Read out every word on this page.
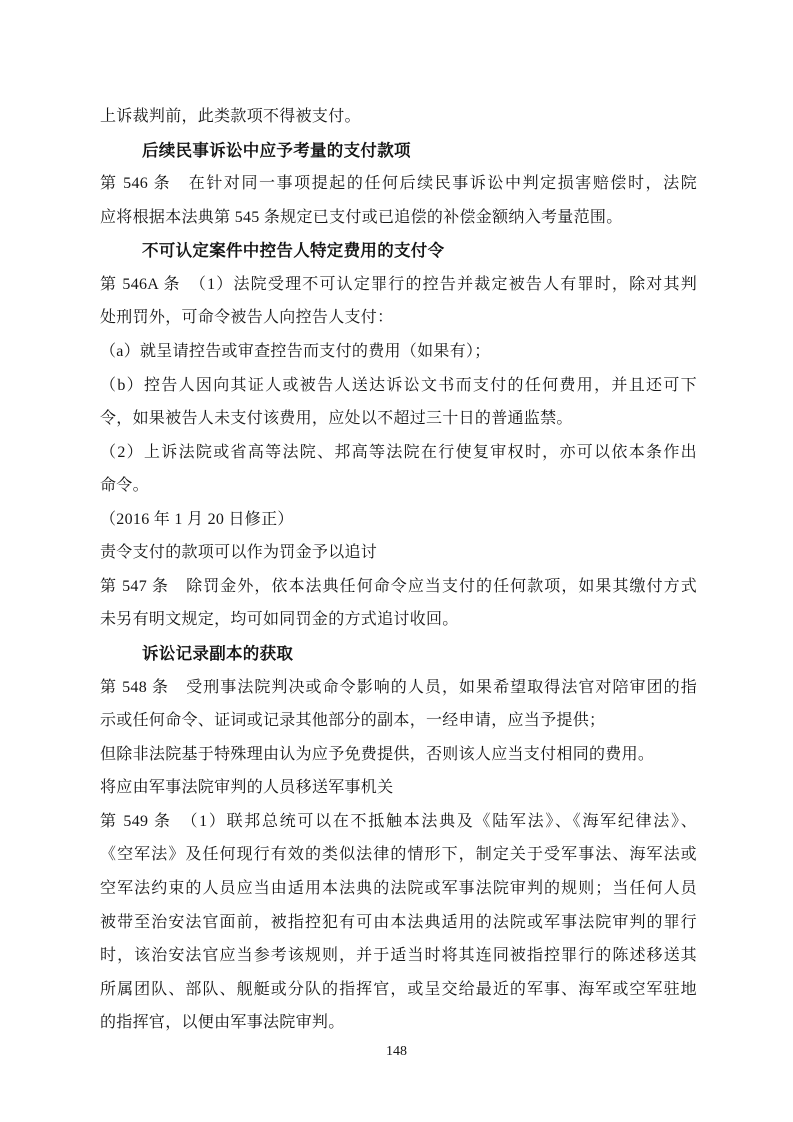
上诉裁判前，此类款项不得被支付。
后续民事诉讼中应予考量的支付款项
第 546 条　在针对同一事项提起的任何后续民事诉讼中判定损害赔偿时，法院
应将根据本法典第 545 条规定已支付或已追偿的补偿金额纳入考量范围。
不可认定案件中控告人特定费用的支付令
第 546A 条　（1）法院受理不可认定罪行的控告并裁定被告人有罪时，除对其判
处刑罚外，可命令被告人向控告人支付：
（a）就呈请控告或审查控告而支付的费用（如果有）；
（b）控告人因向其证人或被告人送达诉讼文书而支付的任何费用，并且还可下
令，如果被告人未支付该费用，应处以不超过三十日的普通监禁。
（2）上诉法院或省高等法院、邦高等法院在行使复审权时，亦可以依本条作出
命令。
（2016 年 1 月 20 日修正）
责令支付的款项可以作为罚金予以追讨
第 547 条　除罚金外，依本法典任何命令应当支付的任何款项，如果其缴付方式
未另有明文规定，均可如同罚金的方式追讨收回。
诉讼记录副本的获取
第 548 条　受刑事法院判决或命令影响的人员，如果希望取得法官对陪审团的指
示或任何命令、证词或记录其他部分的副本，一经申请，应当予提供；
但除非法院基于特殊理由认为应予免费提供，否则该人应当支付相同的费用。
将应由军事法院审判的人员移送军事机关
第 549 条　（1）联邦总统可以在不抵触本法典及《陆军法》、《海军纪律法》、
《空军法》及任何现行有效的类似法律的情形下，制定关于受军事法、海军法或
空军法约束的人员应当由适用本法典的法院或军事法院审判的规则；当任何人员
被带至治安法官面前，被指控犯有可由本法典适用的法院或军事法院审判的罪行
时，该治安法官应当参考该规则，并于适当时将其连同被指控罪行的陈述移送其
所属团队、部队、舰艇或分队的指挥官，或呈交给最近的军事、海军或空军驻地
的指挥官，以便由军事法院审判。
148
